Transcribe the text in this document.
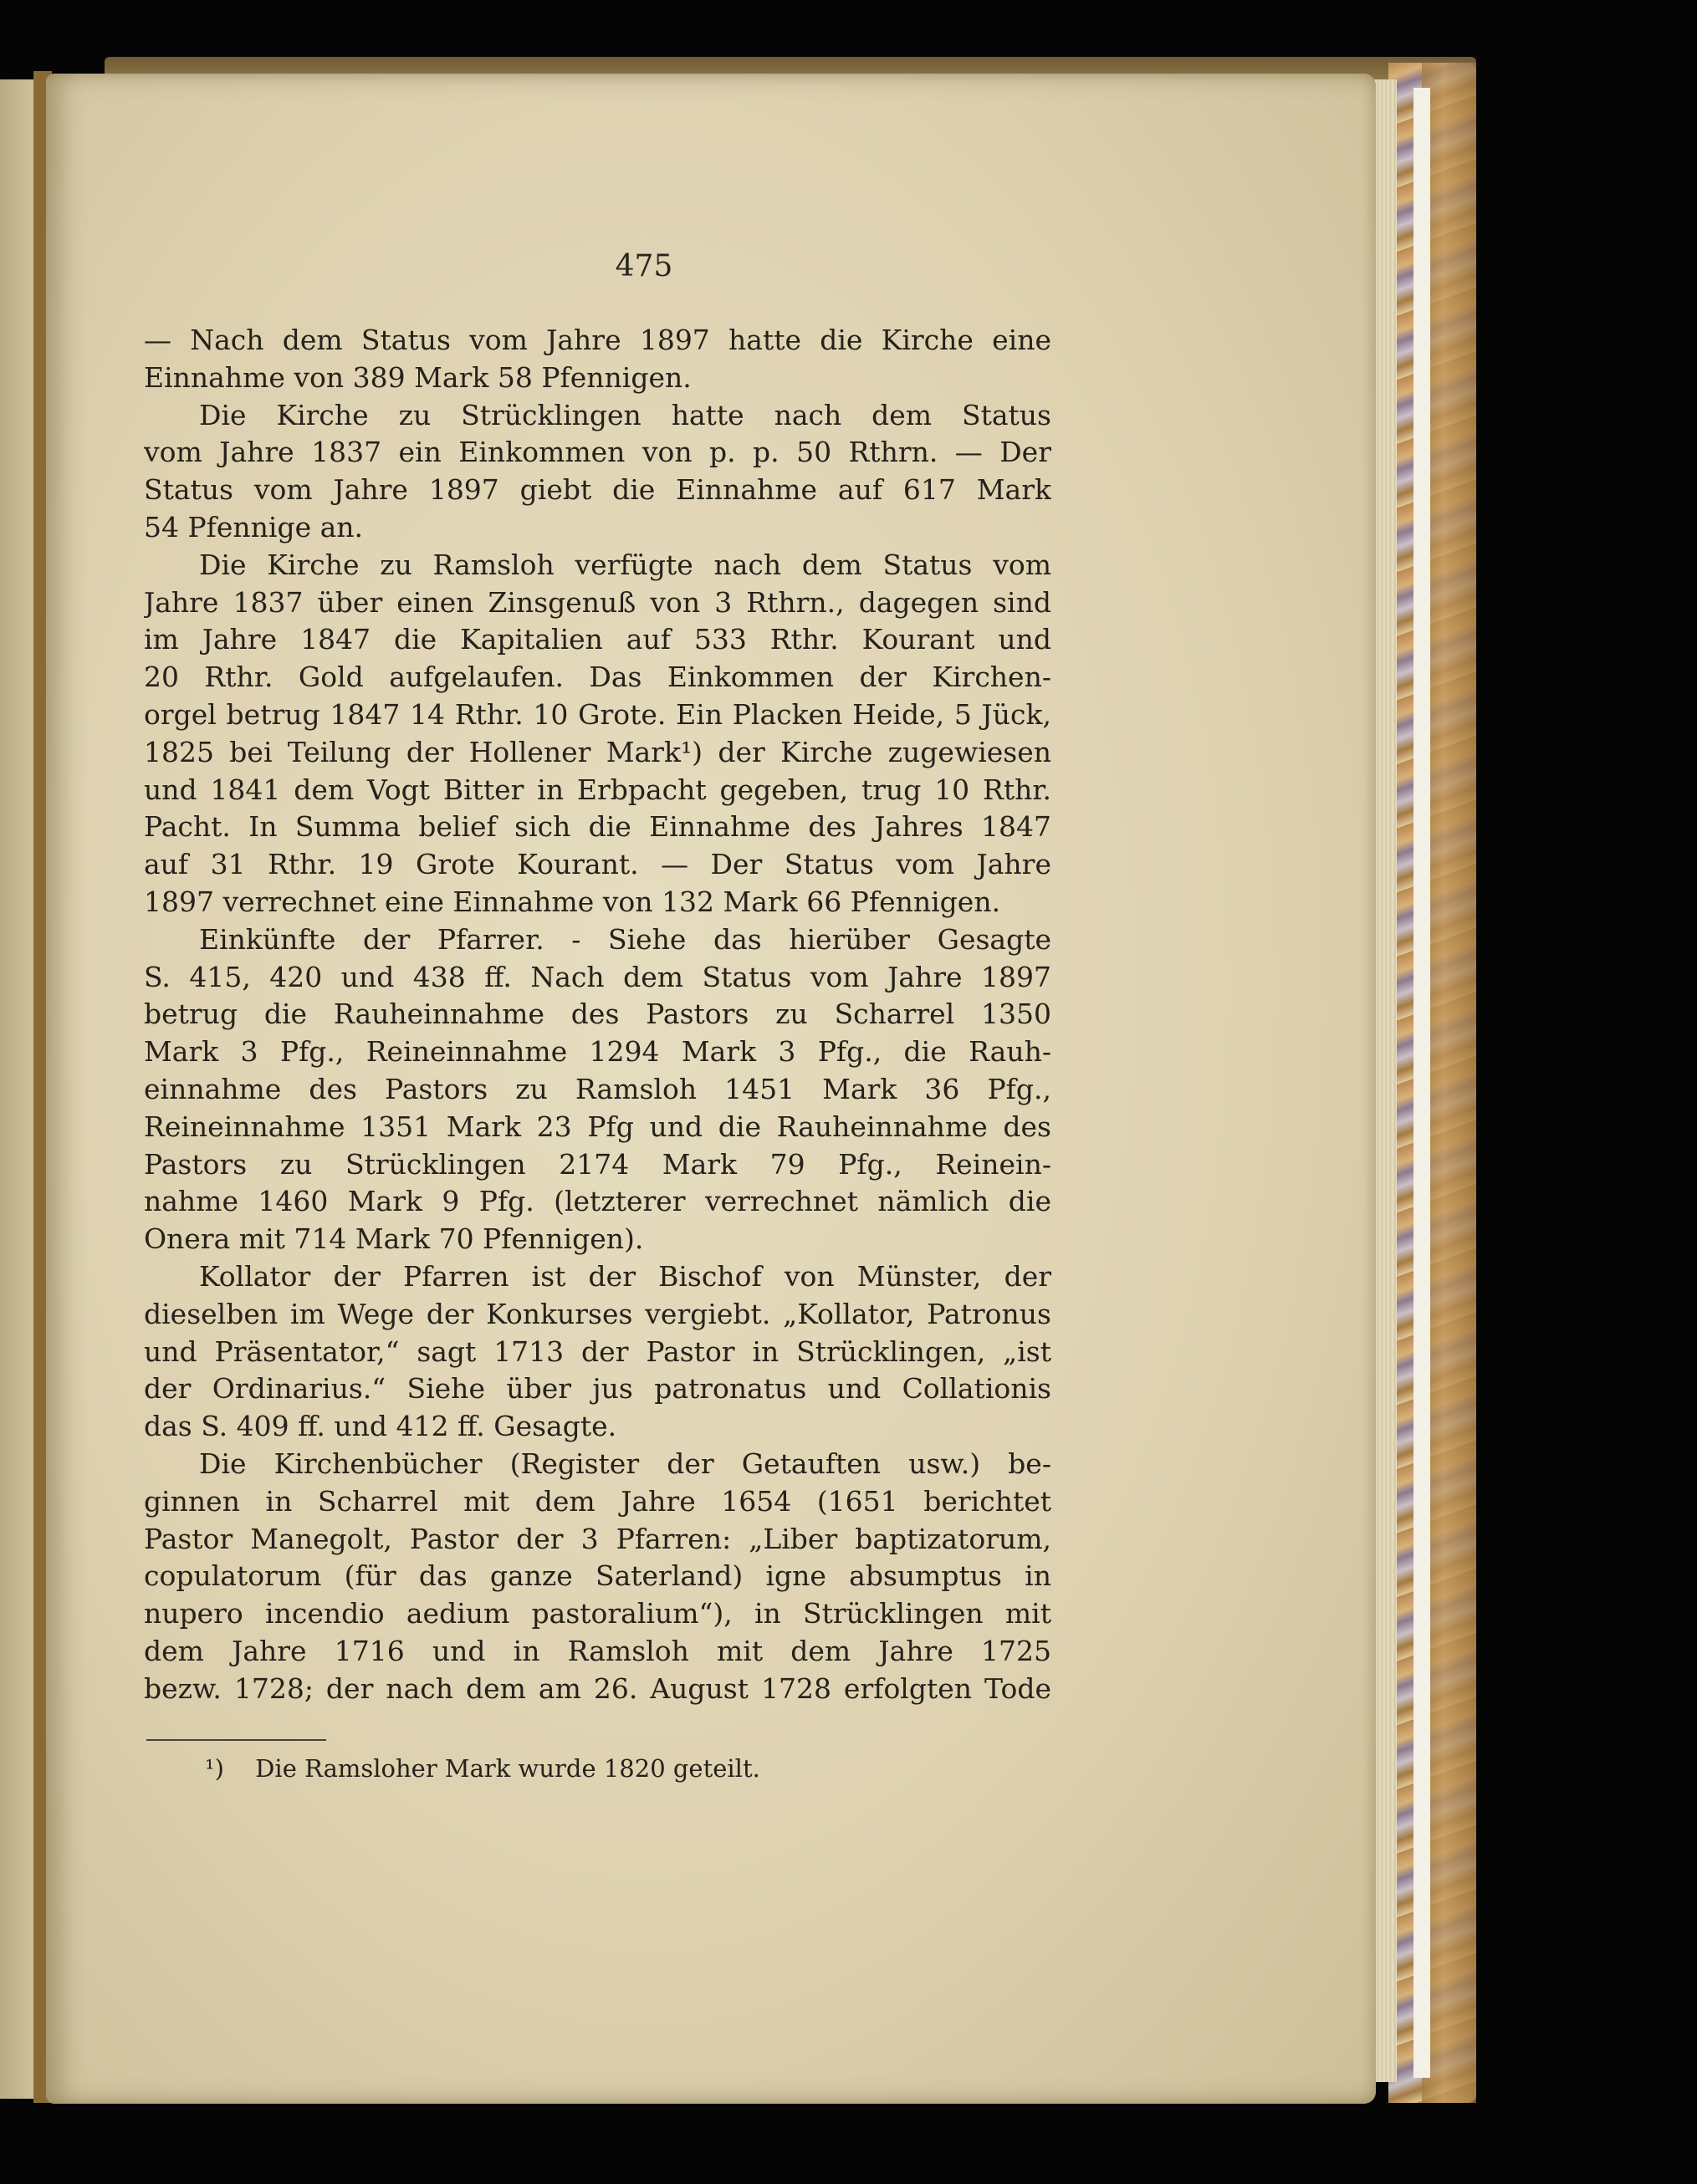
475
— Nach dem Status vom Jahre 1897 hatte die Kirche eine
Einnahme von 389 Mark 58 Pfennigen.
Die Kirche zu Strücklingen hatte nach dem Status
vom Jahre 1837 ein Einkommen von p. p. 50 Rthrn. — Der
Status vom Jahre 1897 giebt die Einnahme auf 617 Mark
54 Pfennige an.
Die Kirche zu Ramsloh verfügte nach dem Status vom
Jahre 1837 über einen Zinsgenuß von 3 Rthrn., dagegen sind
im Jahre 1847 die Kapitalien auf 533 Rthr. Kourant und
20 Rthr. Gold aufgelaufen. Das Einkommen der Kirchen-
orgel betrug 1847 14 Rthr. 10 Grote. Ein Placken Heide, 5 Jück,
1825 bei Teilung der Hollener Mark¹) der Kirche zugewiesen
und 1841 dem Vogt Bitter in Erbpacht gegeben, trug 10 Rthr.
Pacht. In Summa belief sich die Einnahme des Jahres 1847
auf 31 Rthr. 19 Grote Kourant. — Der Status vom Jahre
1897 verrechnet eine Einnahme von 132 Mark 66 Pfennigen.
Einkünfte der Pfarrer. - Siehe das hierüber Gesagte
S. 415, 420 und 438 ff. Nach dem Status vom Jahre 1897
betrug die Rauheinnahme des Pastors zu Scharrel 1350
Mark 3 Pfg., Reineinnahme 1294 Mark 3 Pfg., die Rauh-
einnahme des Pastors zu Ramsloh 1451 Mark 36 Pfg.,
Reineinnahme 1351 Mark 23 Pfg und die Rauheinnahme des
Pastors zu Strücklingen 2174 Mark 79 Pfg., Reinein-
nahme 1460 Mark 9 Pfg. (letzterer verrechnet nämlich die
Onera mit 714 Mark 70 Pfennigen).
Kollator der Pfarren ist der Bischof von Münster, der
dieselben im Wege der Konkurses vergiebt. „Kollator, Patronus
und Präsentator,“ sagt 1713 der Pastor in Strücklingen, „ist
der Ordinarius.“ Siehe über jus patronatus und Collationis
das S. 409 ff. und 412 ff. Gesagte.
Die Kirchenbücher (Register der Getauften usw.) be-
ginnen in Scharrel mit dem Jahre 1654 (1651 berichtet
Pastor Manegolt, Pastor der 3 Pfarren: „Liber baptizatorum,
copulatorum (für das ganze Saterland) igne absumptus in
nupero incendio aedium pastoralium“), in Strücklingen mit
dem Jahre 1716 und in Ramsloh mit dem Jahre 1725
bezw. 1728; der nach dem am 26. August 1728 erfolgten Tode
¹) Die Ramsloher Mark wurde 1820 geteilt.
